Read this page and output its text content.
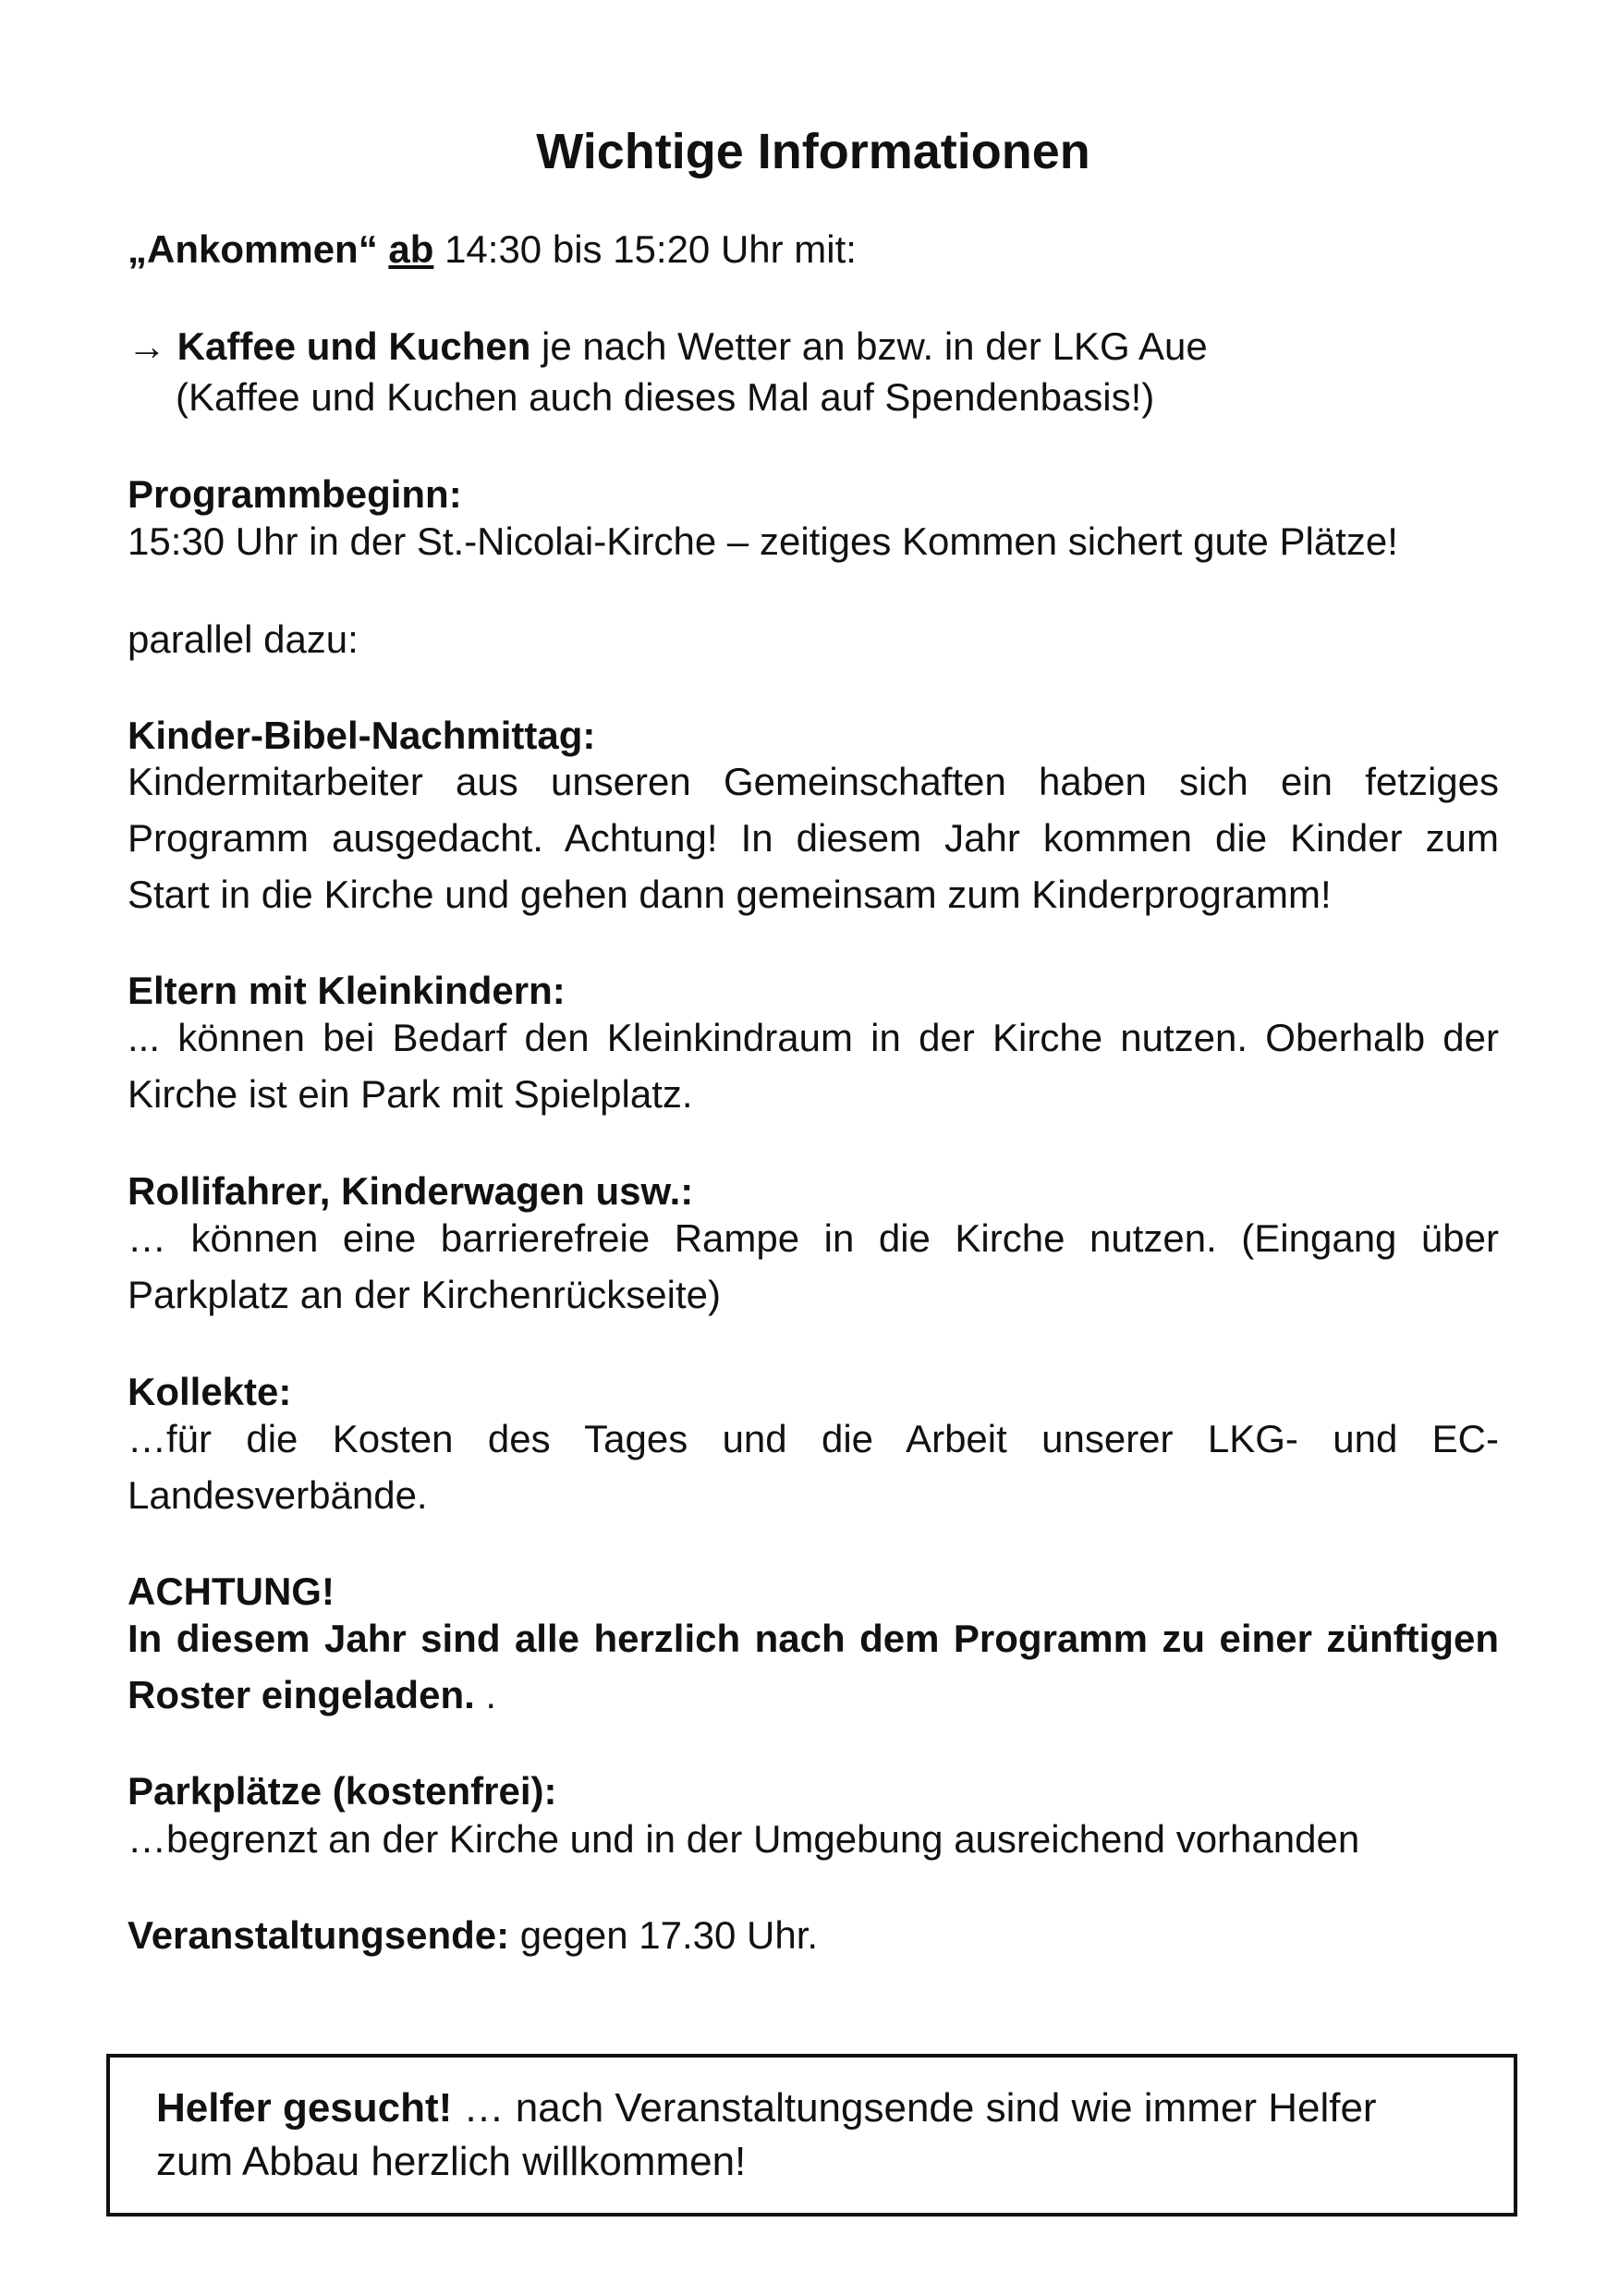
Wichtige Informationen
„Ankommen“ ab 14:30 bis 15:20 Uhr mit:
→ Kaffee und Kuchen je nach Wetter an bzw. in der LKG Aue
(Kaffee und Kuchen auch dieses Mal auf Spendenbasis!)
Programmbeginn:
15:30 Uhr in der St.-Nicolai-Kirche – zeitiges Kommen sichert gute Plätze!
parallel dazu:
Kinder-Bibel-Nachmittag:
Kindermitarbeiter aus unseren Gemeinschaften haben sich ein fetziges
Programm ausgedacht. Achtung! In diesem Jahr kommen die Kinder zum
Start in die Kirche und gehen dann gemeinsam zum Kinderprogramm!
Eltern mit Kleinkindern:
... können bei Bedarf den Kleinkindraum in der Kirche nutzen. Oberhalb der
Kirche ist ein Park mit Spielplatz.
Rollifahrer, Kinderwagen usw.:
… können eine barrierefreie Rampe in die Kirche nutzen. (Eingang über
Parkplatz an der Kirchenrückseite)
Kollekte:
…für die Kosten des Tages und die Arbeit unserer LKG- und EC-
Landesverbände.
ACHTUNG!
In diesem Jahr sind alle herzlich nach dem Programm zu einer zünftigen
Roster eingeladen. .
Parkplätze (kostenfrei):
…begrenzt an der Kirche und in der Umgebung ausreichend vorhanden
Veranstaltungsende: gegen 17.30 Uhr.
Helfer gesucht! … nach Veranstaltungsende sind wie immer Helfer
zum Abbau herzlich willkommen!
